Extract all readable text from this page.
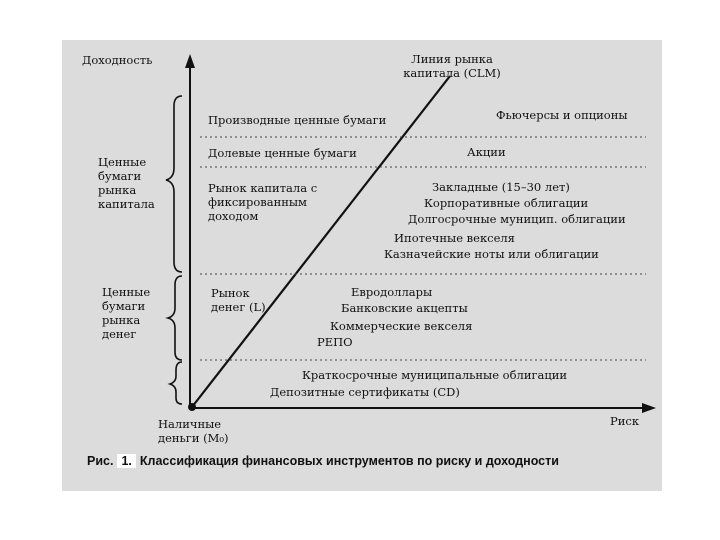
Доходность
Риск
Наличные деньги (M₀)
Линия рынка капитала (CLM)
Ценные бумаги рынка капитала
Ценные бумаги рынка денег
Производные ценные бумаги
Долевые ценные бумаги
Рынок капитала с фиксированным доходом
Рынок денег (L)
Фьючерсы и опционы
Акции
Закладные (15–30 лет)
Корпоративные облигации
Долгосрочные муницип. облигации
Ипотечные векселя
Казначейские ноты или облигации
Евродоллары
Банковские акцепты
Коммерческие векселя
РЕПО
Краткосрочные муниципальные облигации
Депозитные сертификаты (CD)
Рис. 1. Классификация финансовых инструментов по риску и доходности
